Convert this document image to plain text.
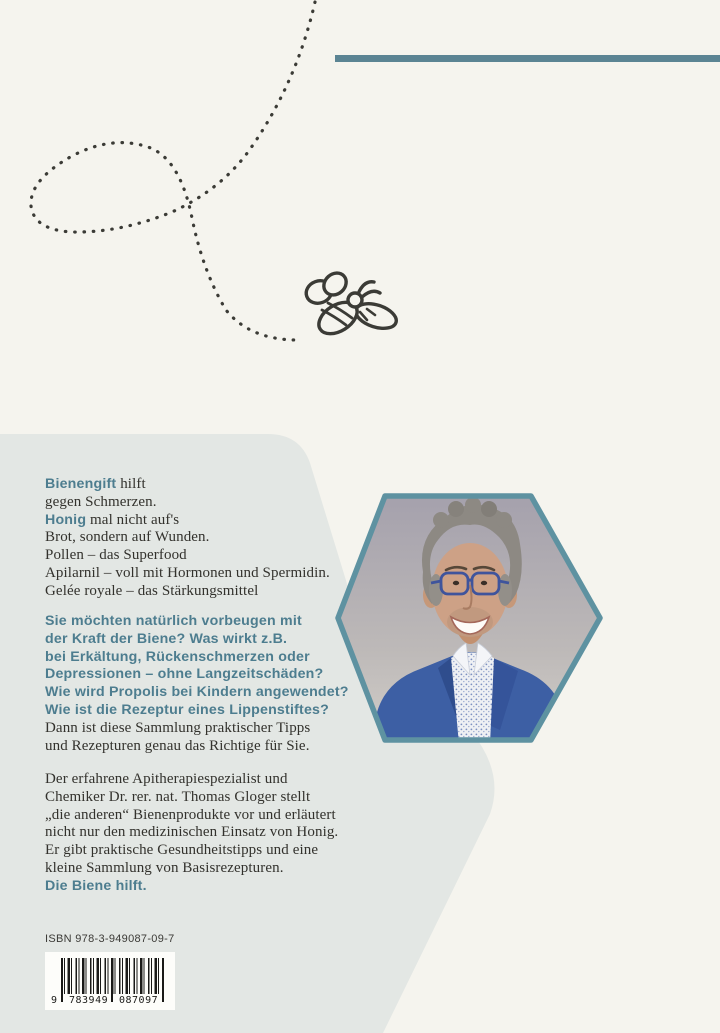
Bienengift hilft
gegen Schmerzen.
Honig mal nicht auf's
Brot, sondern auf Wunden.
Pollen – das Superfood
Apilarnil – voll mit Hormonen und Spermidin.
Gelée royale – das Stärkungsmittel
Sie möchten natürlich vorbeugen mit
der Kraft der Biene? Was wirkt z.B.
bei Erkältung, Rückenschmerzen oder
Depressionen – ohne Langzeitschäden?
Wie wird Propolis bei Kindern angewendet?
Wie ist die Rezeptur eines Lippenstiftes?
Dann ist diese Sammlung praktischer Tipps
und Rezepturen genau das Richtige für Sie.
Der erfahrene Apitherapiespezialist und
Chemiker Dr. rer. nat. Thomas Gloger stellt
„die anderen“ Bienenprodukte vor und erläutert
nicht nur den medizinischen Einsatz von Honig.
Er gibt praktische Gesundheitstipps und eine
kleine Sammlung von Basisrezepturen.
Die Biene hilft.
ISBN 978-3-949087-09-7
9 783949 087097
